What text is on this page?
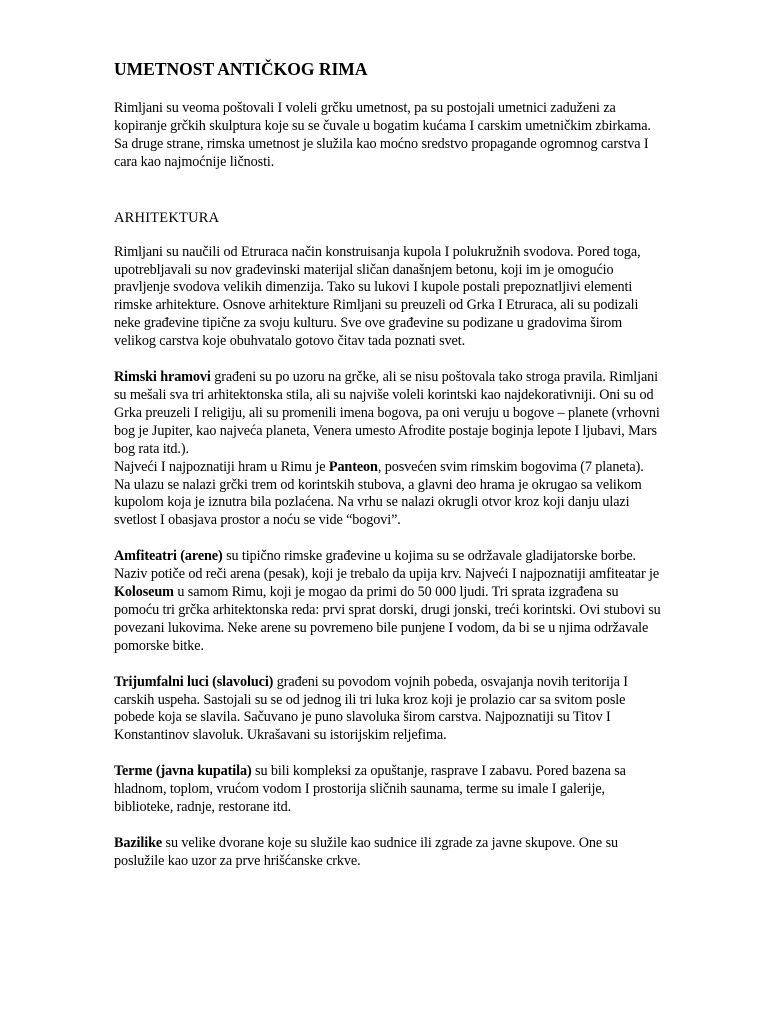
UMETNOST ANTIČKOG RIMA

Rimljani su veoma poštovali I voleli grčku umetnost, pa su postojali umetnici zaduženi za kopiranje grčkih skulptura koje su se čuvale u bogatim kućama I carskim umetničkim zbirkama. Sa druge strane, rimska umetnost je služila kao moćno sredstvo propagande ogromnog carstva I cara kao najmoćnije ličnosti.

ARHITEKTURA

Rimljani su naučili od Etruraca način konstruisanja kupola I polukružnih svodova. Pored toga, upotrebljavali su nov građevinski materijal sličan današnjem betonu, koji im je omogućio pravljenje svodova velikih dimenzija. Tako su lukovi I kupole postali prepoznatljivi elementi rimske arhitekture. Osnove arhitekture Rimljani su preuzeli od Grka I Etruraca, ali su podizali neke građevine tipične za svoju kulturu. Sve ove građevine su podizane u gradovima širom velikog carstva koje obuhvatalo gotovo čitav tada poznati svet.

Rimski hramovi građeni su po uzoru na grčke, ali se nisu poštovala tako stroga pravila. Rimljani su mešali sva tri arhitektonska stila, ali su najviše voleli korintski kao najdekorativniji. Oni su od Grka preuzeli I religiju, ali su promenili imena bogova, pa oni veruju u bogove – planete (vrhovni bog je Jupiter, kao najveća planeta, Venera umesto Afrodite postaje boginja lepote I ljubavi, Mars bog rata itd.).
Najveći I najpoznatiji hram u Rimu je Panteon, posvećen svim rimskim bogovima (7 planeta). Na ulazu se nalazi grčki trem od korintskih stubova, a glavni deo hrama je okrugao sa velikom kupolom koja je iznutra bila pozlaćena. Na vrhu se nalazi okrugli otvor kroz koji danju ulazi svetlost I obasjava prostor a noću se vide “bogovi”.

Amfiteatri (arene) su tipično rimske građevine u kojima su se održavale gladijatorske borbe. Naziv potiče od reči arena (pesak), koji je trebalo da upija krv. Najveći I najpoznatiji amfiteatar je Koloseum u samom Rimu, koji je mogao da primi do 50 000 ljudi. Tri sprata izgrađena su pomoću tri grčka arhitektonska reda: prvi sprat dorski, drugi jonski, treći korintski. Ovi stubovi su povezani lukovima. Neke arene su povremeno bile punjene I vodom, da bi se u njima održavale pomorske bitke.

Trijumfalni luci (slavoluci) građeni su povodom vojnih pobeda, osvajanja novih teritorija I carskih uspeha. Sastojali su se od jednog ili tri luka kroz koji je prolazio car sa svitom posle pobede koja se slavila. Sačuvano je puno slavoluka širom carstva. Najpoznatiji su Titov I Konstantinov slavoluk. Ukrašavani su istorijskim reljefima.

Terme (javna kupatila) su bili kompleksi za opuštanje, rasprave I zabavu. Pored bazena sa hladnom, toplom, vrućom vodom I prostorija sličnih saunama, terme su imale I galerije, biblioteke, radnje, restorane itd.

Bazilike su velike dvorane koje su služile kao sudnice ili zgrade za javne skupove. One su poslužile kao uzor za prve hrišćanske crkve.
